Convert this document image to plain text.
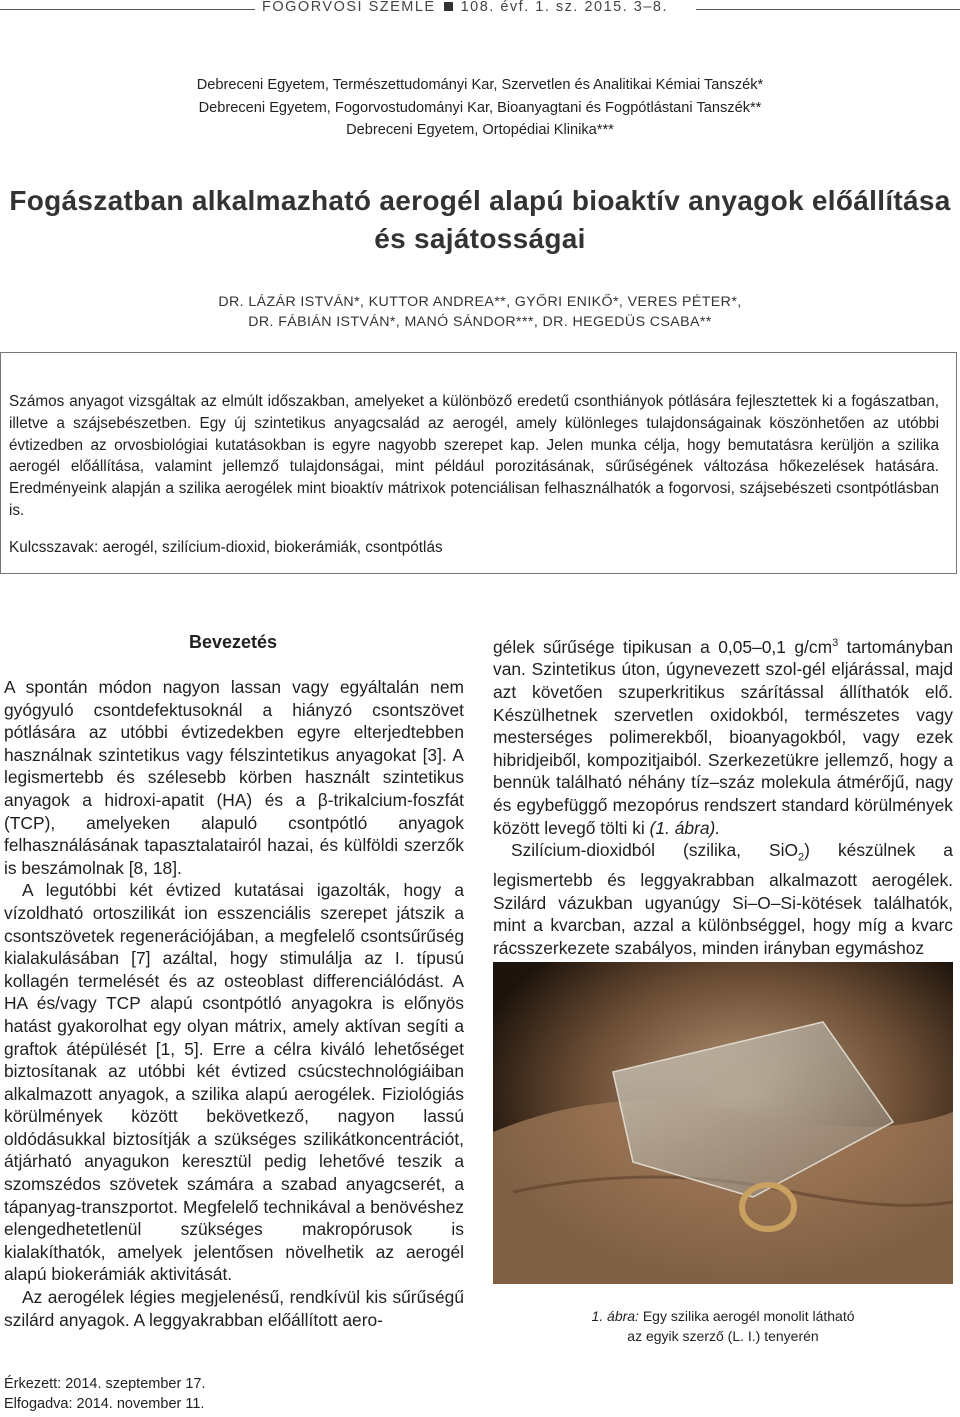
FOGORVOSI SZEMLE 108. évf. 1. sz. 2015. 3–8.
Debreceni Egyetem, Természettudományi Kar, Szervetlen és Analitikai Kémiai Tanszék*
Debreceni Egyetem, Fogorvostudományi Kar, Bioanyagtani és Fogpótlástani Tanszék**
Debreceni Egyetem, Ortopédiai Klinika***
Fogászatban alkalmazható aerogél alapú bioaktív anyagok előállítása
és sajátosságai
DR. LÁZÁR ISTVÁN*, KUTTOR ANDREA**, GYŐRI ENIKŐ*, VERES PÉTER*,
DR. FÁBIÁN ISTVÁN*, MANÓ SÁNDOR***, DR. HEGEDÜS CSABA**
Számos anyagot vizsgáltak az elmúlt időszakban, amelyeket a különböző eredetű csonthiányok pótlására fejlesztettek ki a fogászatban, illetve a szájsebészetben. Egy új szintetikus anyagcsalád az aerogél, amely különleges tulajdonságainak köszönhetően az utóbbi évtizedben az orvosbiológiai kutatásokban is egyre nagyobb szerepet kap. Jelen munka célja, hogy bemutatásra kerüljön a szilika aerogél előállítása, valamint jellemző tulajdonságai, mint például porozitásának, sűrűségének változása hőkezelések hatására. Eredményeink alapján a szilika aerogélek mint bioaktív mátrixok potenciálisan felhasználhatók a fogorvosi, szájsebészeti csontpótlásban is.
Kulcsszavak: aerogél, szilícium-dioxid, biokerámiák, csontpótlás
Bevezetés

A spontán módon nagyon lassan vagy egyáltalán nem gyógyuló csontdefektusoknál a hiányzó csontszövet pótlására az utóbbi évtizedekben egyre elterjedtebben használnak szintetikus vagy félszintetikus anyagokat [3]. A legismertebb és szélesebb körben használt szintetikus anyagok a hidroxi-apatit (HA) és a β-trikalcium-foszfát (TCP), amelyeken alapuló csontpótló anyagok felhasználásának tapasztalatairól hazai, és külföldi szerzők is beszámolnak [8, 18].

A legutóbbi két évtized kutatásai igazolták, hogy a vízoldható ortoszilikát ion esszenciális szerepet játszik a csontszövetek regenerációjában, a megfelelő csontsűrűség kialakulásában [7] azáltal, hogy stimulálja az I. típusú kollagén termelését és az osteoblast differenciálódást. A HA és/vagy TCP alapú csontpótló anyagokra is előnyös hatást gyakorolhat egy olyan mátrix, amely aktívan segíti a graftok átépülését [1, 5]. Erre a célra kiváló lehetőséget biztosítanak az utóbbi két évtized csúcstechnológiáiban alkalmazott anyagok, a szilika alapú aerogélek. Fiziológiás körülmények között bekövetkező, nagyon lassú oldódásukkal biztosítják a szükséges szilikátkoncentrációt, átjárható anyagukon keresztül pedig lehetővé teszik a szomszédos szövetek számára a szabad anyagcserét, a tápanyag-transzportot. Megfelelő technikával a benövéshez elengedhetetlenül szükséges makropórusok is kialakíthatók, amelyek jelentősen növelhetik az aerogél alapú biokerámiák aktivitását.

Az aerogélek légies megjelenésű, rendkívül kis sűrűségű szilárd anyagok. A leggyakrabban előállított aero-

gélek sűrűsége tipikusan a 0,05–0,1 $g/cm^3$ tartományban van. Szintetikus úton, úgynevezett szol-gél eljárással, majd azt követően szuperkritikus szárítással állíthatók elő. Készülhetnek szervetlen oxidokból, természetes vagy mesterséges polimerekből, bioanyagokból, vagy ezek hibridjeiből, kompozitjaiból. Szerkezetükre jellemző, hogy a bennük található néhány tíz–száz molekula átmérőjű, nagy és egybefüggő mezopórus rendszert standard körülmények között levegő tölti ki (1. ábra).

Szilícium-dioxidból (szilika, SiO$_2$) készülnek a legismertebb és leggyakrabban alkalmazott aerogélek. Szilárd vázukban ugyanúgy Si–O–Si-kötések találhatók, mint a kvarcban, azzal a különbséggel, hogy míg a kvarc rácsszerkezete szabályos, minden irányban egymáshoz

1. ábra: Egy szilika aerogél monolit látható
az egyik szerző (L. I.) tenyerén
Érkezett: 2014. szeptember 17.
Elfogadva: 2014. november 11.
